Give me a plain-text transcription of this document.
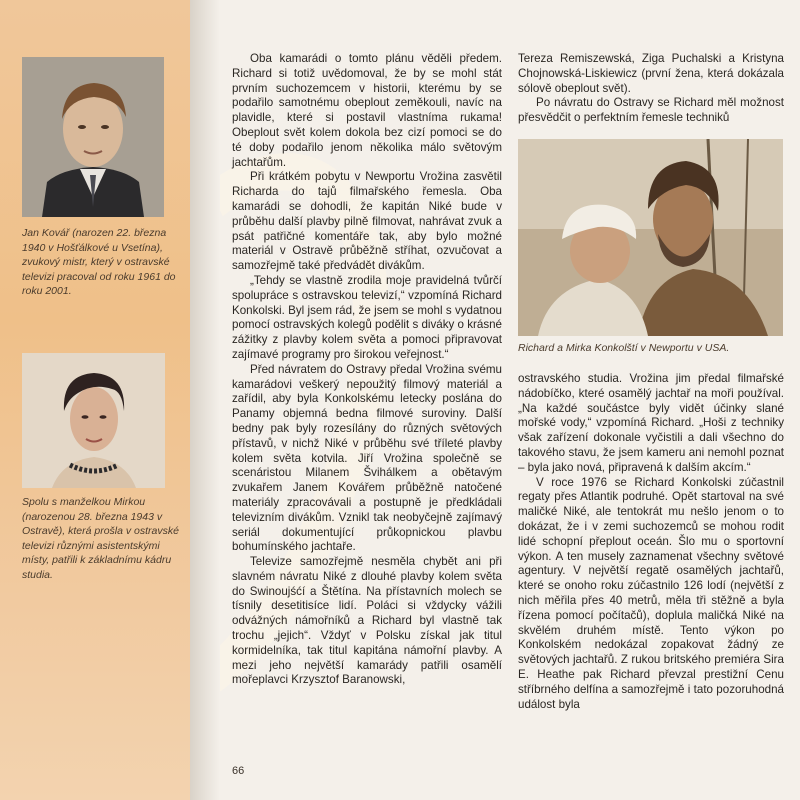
Jan Kovář (narozen 22. března 1940 v Hošťálkové u Vsetína), zvukový mistr, který v ostravské televizi pracoval od roku 1961 do roku 2001.
Spolu s manželkou Mirkou (narozenou 28. března 1943 v Ostravě), která prošla v ostravské televizi různými asistentskými místy, patřili k základnímu kádru studia.

Oba kamarádi o tomto plánu věděli předem. Richard si totiž uvědomoval, že by se mohl stát prvním suchozemcem v historii, kterému by se podařilo samotnému obeplout zeměkouli, navíc na plavidle, které si postavil vlastníma rukama! Obeplout svět kolem dokola bez cizí pomoci se do té doby podařilo jenom několika málo světovým jachtařům.

Při krátkém pobytu v Newportu Vrožina zasvětil Richarda do tajů filmařského řemesla. Oba kamarádi se dohodli, že kapitán Niké bude v průběhu další plavby pilně filmovat, nahrávat zvuk a psát patřičné komentáře tak, aby bylo možné materiál v Ostravě průběžně stříhat, ozvučovat a samozřejmě také předvádět divákům.

„Tehdy se vlastně zrodila moje pravidelná tvůrčí spolupráce s ostravskou televizí,“ vzpomíná Richard Konkolski. Byl jsem rád, že jsem se mohl s vydatnou pomocí ostravských kolegů podělit s diváky o krásné zážitky z plavby kolem světa a pomoci připravovat zajímavé programy pro širokou veřejnost.“

Před návratem do Ostravy předal Vrožina svému kamarádovi veškerý nepoužitý filmový materiál a zařídil, aby byla Konkolskému letecky poslána do Panamy objemná bedna filmové suroviny. Další bedny pak byly rozesílány do různých světových přístavů, v nichž Niké v průběhu své tříleté plavby kolem světa kotvila. Jiří Vrožina společně se scenáristou Milanem Švihálkem a obětavým zvukařem Janem Kovářem průběžně natočené materiály zpracovávali a postupně je předkládali televizním divákům. Vznikl tak neobyčejně zajímavý seriál dokumentující průkopnickou plavbu bohumínského jachtaře.

Televize samozřejmě nesměla chybět ani při slavném návratu Niké z dlouhé plavby kolem světa do Swinoujśćí a Štětína. Na přístavních molech se tísnily desetitisíce lidí. Poláci si vždycky vážili odvážných námořníků a Richard byl vlastně tak trochu „jejich“. Vždyť v Polsku získal jak titul kormidelníka, tak titul kapitána námořní plavby. A mezi jeho největší kamarády patřili osamělí mořeplavci Krzysztof Baranowski,

Tereza Remiszewská, Ziga Puchalski a Kristyna Chojnowská-Liskiewicz (první žena, která dokázala sólově obeplout svět).

Po návratu do Ostravy se Richard měl možnost přesvědčit o perfektním řemesle techniků

Richard a Mirka Konkolští v Newportu v USA.

ostravského studia. Vrožina jim předal filmařské nádobíčko, které osamělý jachtař na moři používal. „Na každé součástce byly vidět účinky slané mořské vody,“ vzpomíná Richard. „Hoši z techniky však zařízení dokonale vyčistili a dali všechno do takového stavu, že jsem kameru ani nemohl poznat – byla jako nová, připravená k dalším akcím.“

V roce 1976 se Richard Konkolski zúčastnil regaty přes Atlantik podruhé. Opět startoval na své maličké Niké, ale tentokrát mu nešlo jenom o to dokázat, že i v zemi suchozemců se mohou rodit lidé schopní přeplout oceán. Šlo mu o sportovní výkon. A ten musely zaznamenat všechny světové agentury. V největší regatě osamělých jachtařů, které se onoho roku zúčastnilo 126 lodí (největší z nich měřila přes 40 metrů, měla tři stěžně a byla řízena pomocí počítačů), doplula maličká Niké na skvělém druhém místě. Tento výkon po Konkolském nedokázal zopakovat žádný ze světových jachtařů. Z rukou britského premiéra Sira E. Heathe pak Richard převzal prestižní Cenu stříbrného delfína a samozřejmě i tato pozoruhodná událost byla

66
